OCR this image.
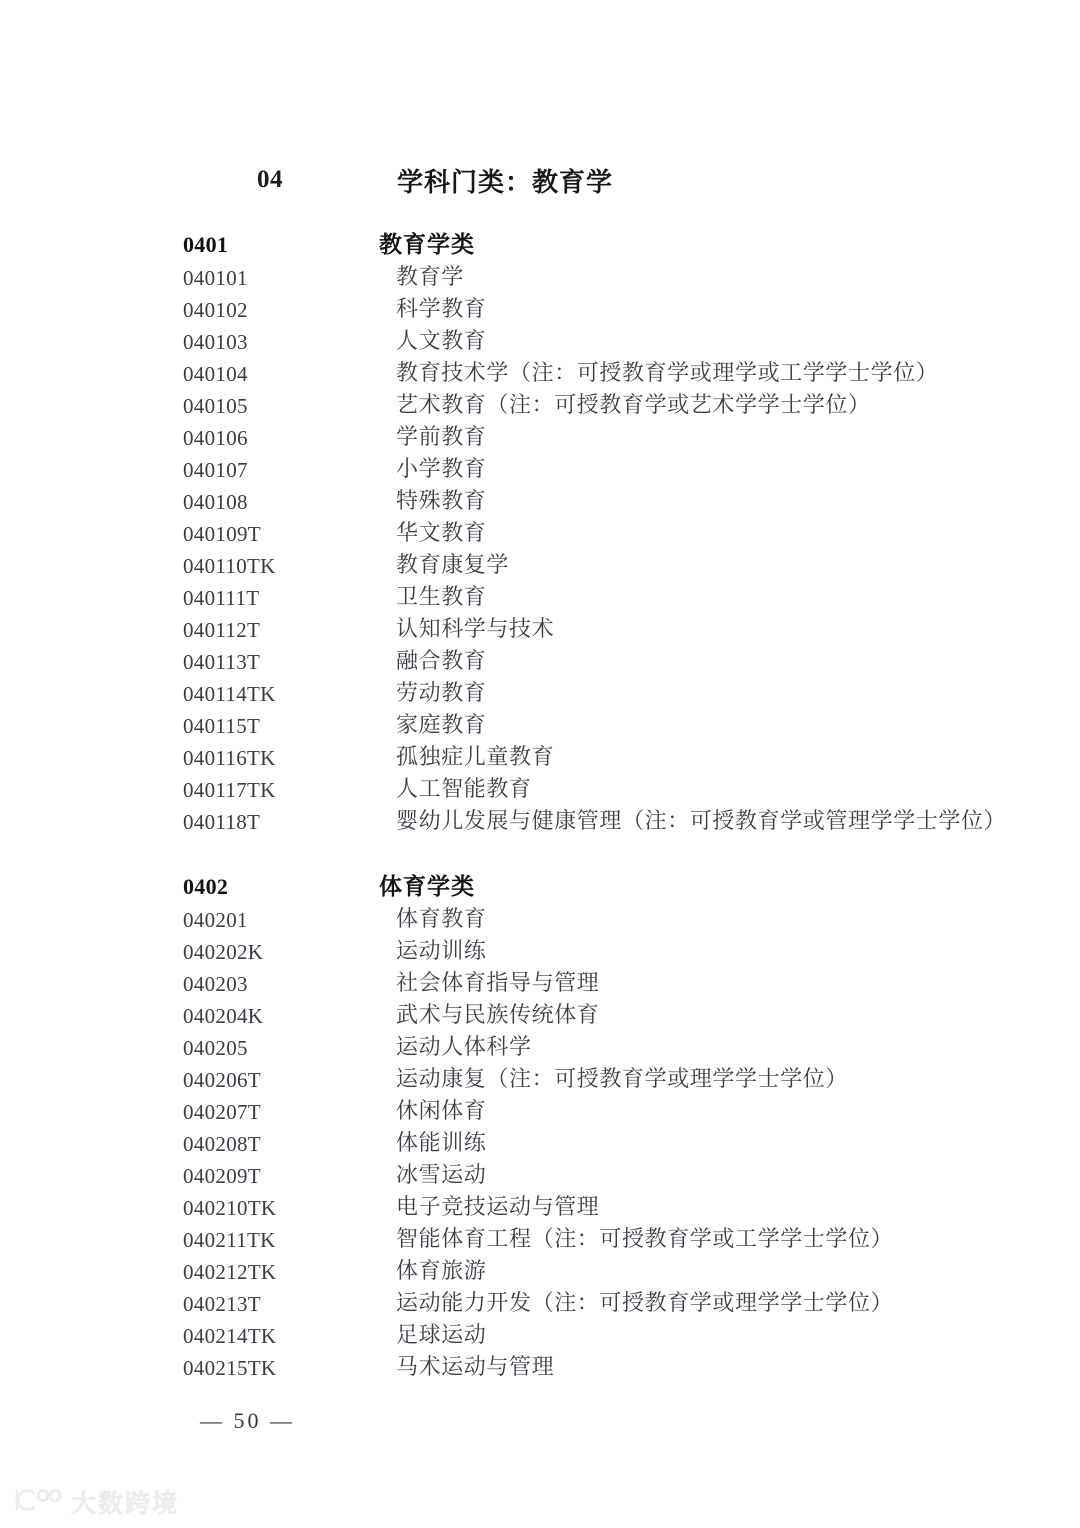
04	学科门类：教育学
0401	教育学类
040101	教育学
040102	科学教育
040103	人文教育
040104	教育技术学（注：可授教育学或理学或工学学士学位）
040105	艺术教育（注：可授教育学或艺术学学士学位）
040106	学前教育
040107	小学教育
040108	特殊教育
040109T	华文教育
040110TK	教育康复学
040111T	卫生教育
040112T	认知科学与技术
040113T	融合教育
040114TK	劳动教育
040115T	家庭教育
040116TK	孤独症儿童教育
040117TK	人工智能教育
040118T	婴幼儿发展与健康管理（注：可授教育学或管理学学士学位）
0402	体育学类
040201	体育教育
040202K	运动训练
040203	社会体育指导与管理
040204K	武术与民族传统体育
040205	运动人体科学
040206T	运动康复（注：可授教育学或理学学士学位）
040207T	休闲体育
040208T	体能训练
040209T	冰雪运动
040210TK	电子竞技运动与管理
040211TK	智能体育工程（注：可授教育学或工学学士学位）
040212TK	体育旅游
040213T	运动能力开发（注：可授教育学或理学学士学位）
040214TK	足球运动
040215TK	马术运动与管理
— 50 —
大数跨境
